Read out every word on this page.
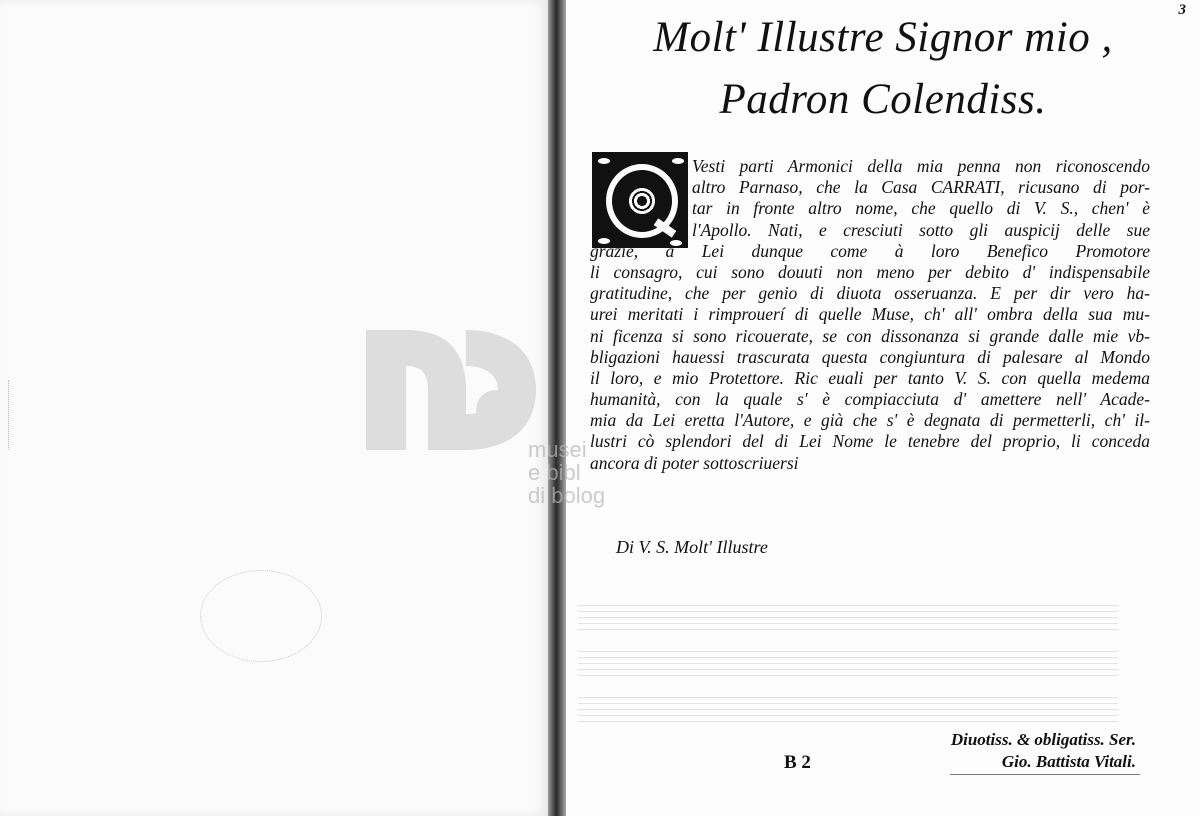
3
Molt' Illustre Signor mio ,
Padron Colendiss.
Vesti parti Armonici della mia penna non riconoscendo
altro Parnaso, che la Casa CARRATI, ricusano di por-
tar in fronte altro nome, che quello di V. S., chen' è
l'Apollo. Nati, e cresciuti sotto gli auspicij delle sue
grazie, à Lei dunque come à loro Benefico Promotore
li consagro, cui sono douuti non meno per debito d' indispensabile
gratitudine, che per genio di diuota osseruanza. E per dir vero ha-
urei meritati i rimprouerí di quelle Muse, ch' all' ombra della sua mu-
ni ficenza si sono ricouerate, se con dissonanza si grande dalle mie vb-
bligazioni hauessi trascurata questa congiuntura di palesare al Mondo
il loro, e mio Protettore. Ric euali per tanto V. S. con quella medema
humanità, con la quale s' è compiacciuta d' amettere nell' Acade-
mia da Lei eretta l'Autore, e già che s' è degnata di permetterli, ch' il-
lustri cò splendori del di Lei Nome le tenebre del proprio, li conceda
ancora di poter sottoscriuersi
Di V. S. Molt' Illustre
B 2
Diuotiss. & obligatiss. Ser.
Gio. Battista Vitali.
musei
e bibl
di bolog
